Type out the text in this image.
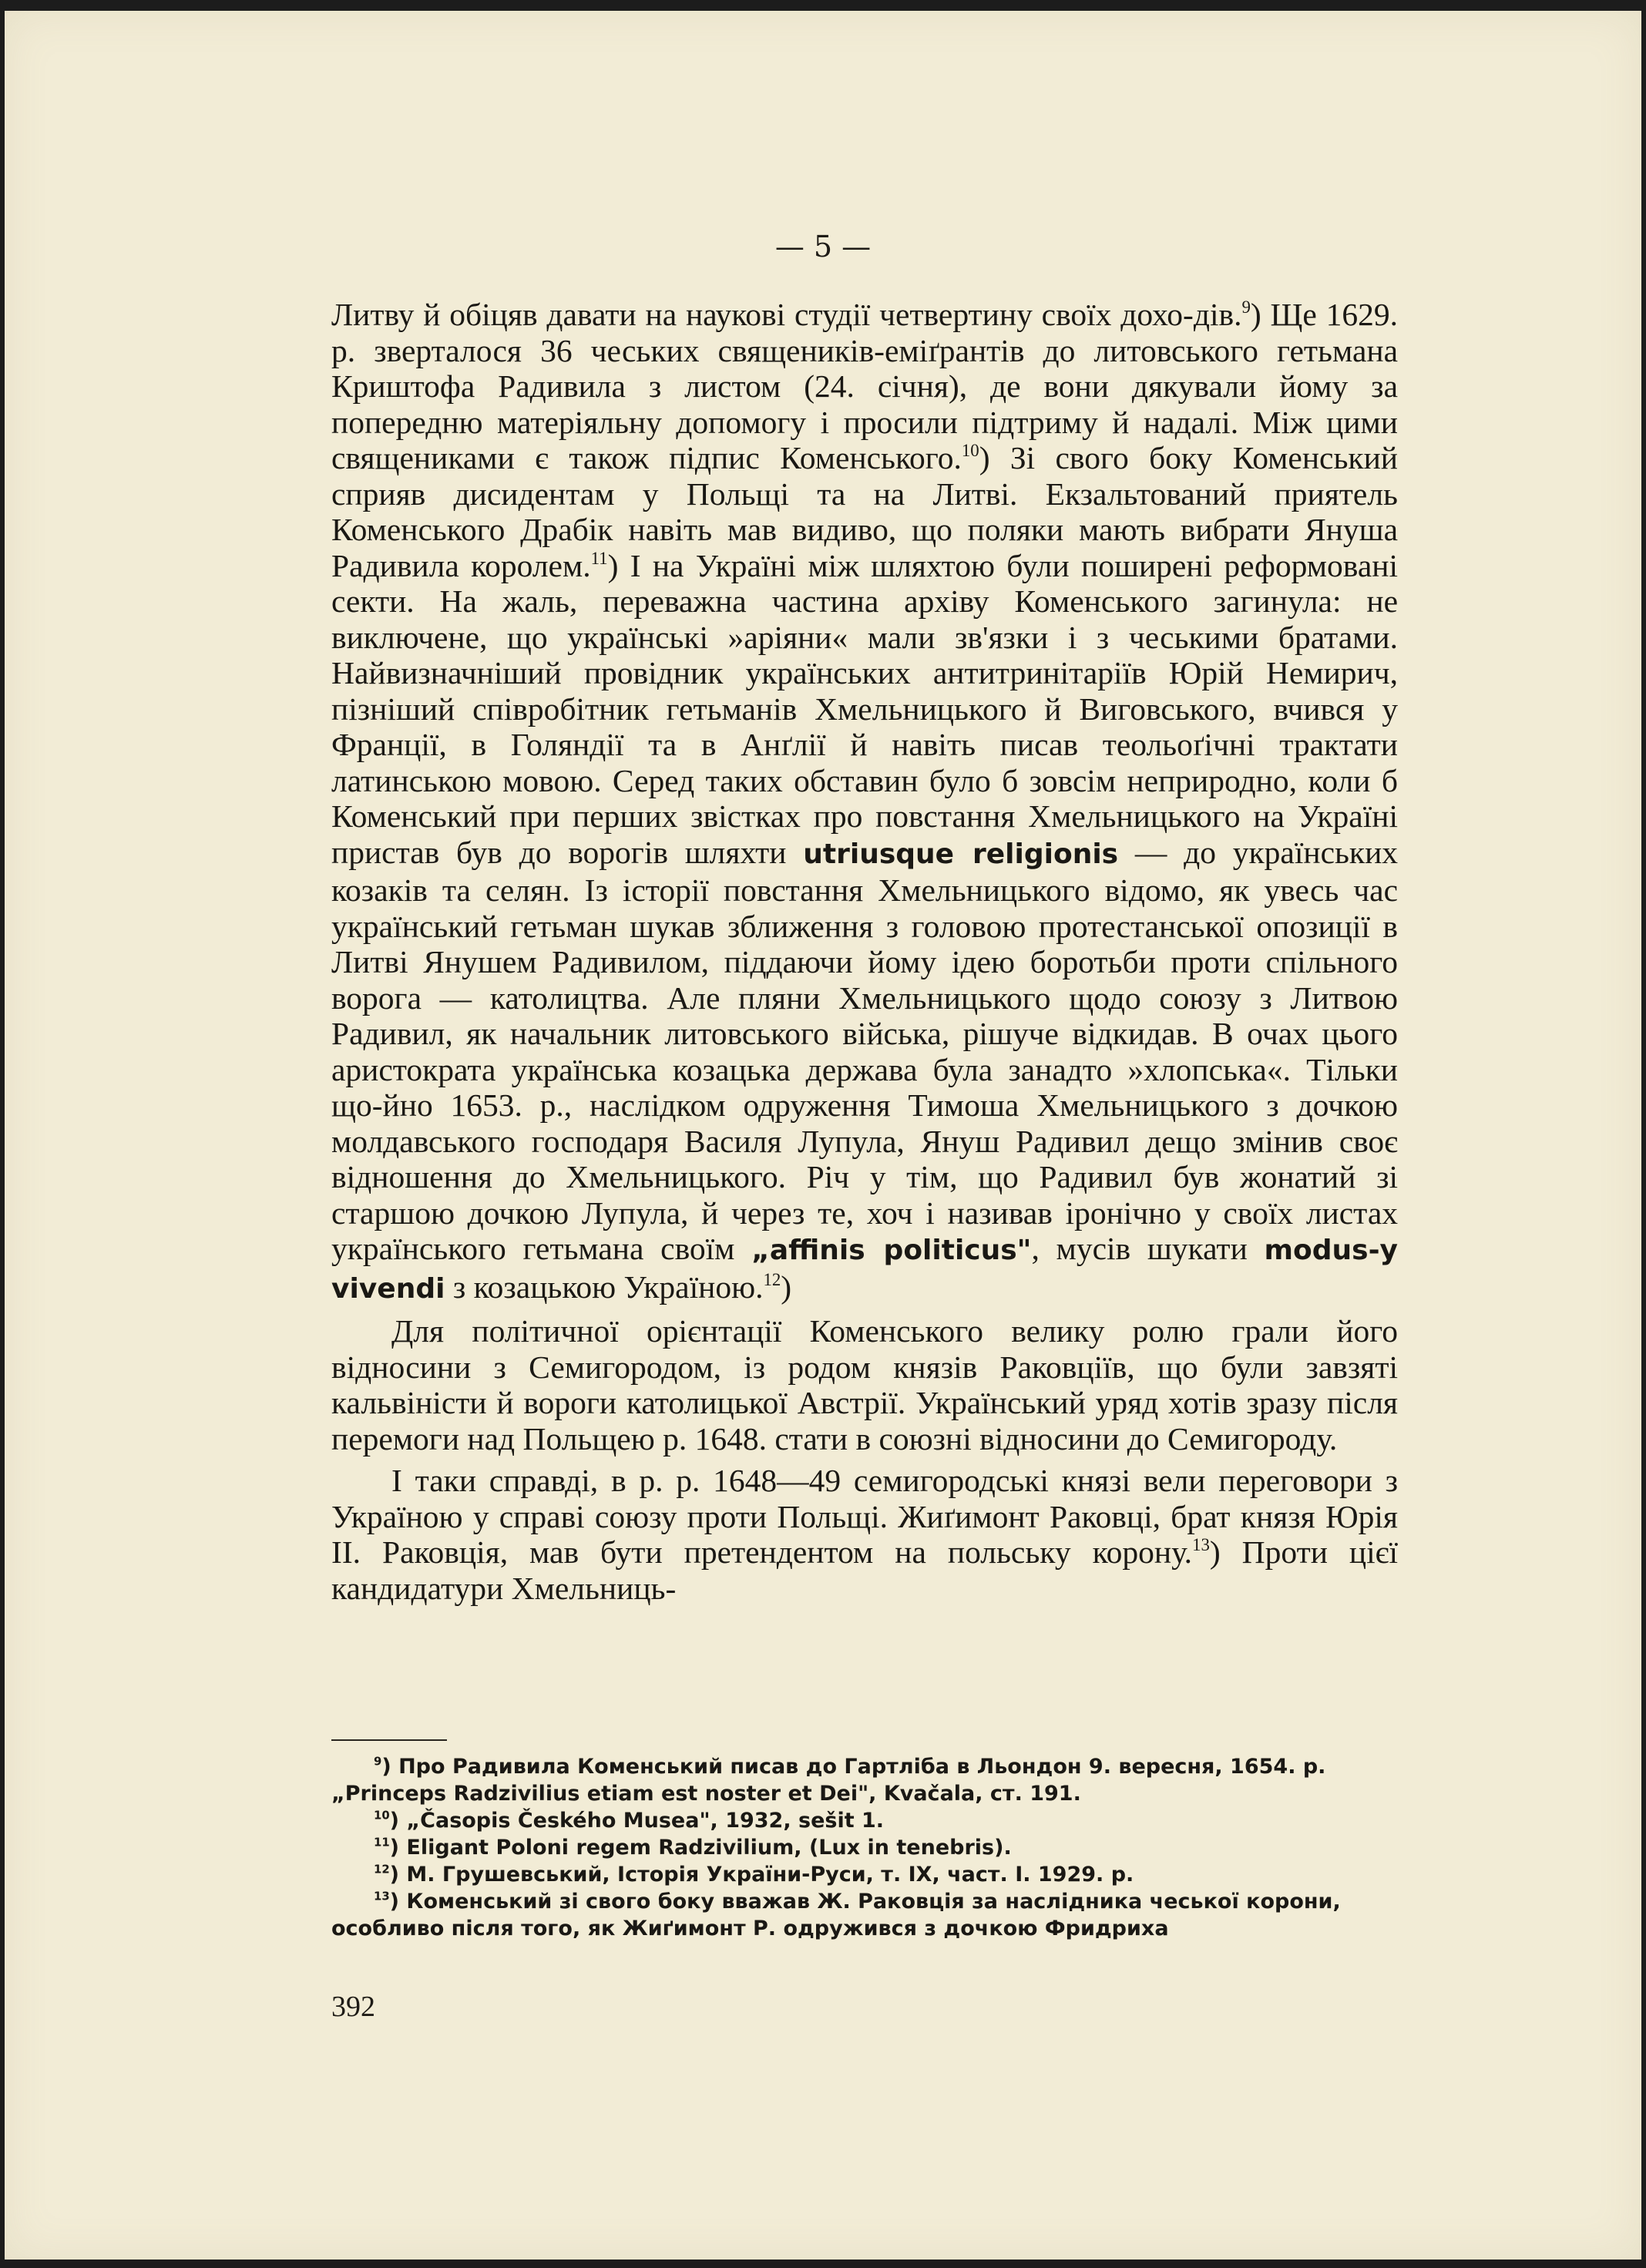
— 5 —

Литву й обіцяв давати на наукові студії четвертину своїх дохо-дів.$^9$) Ще 1629. р. зверталося 36 чеських священиків-еміґрантів до литовського гетьмана Криштофа Радивила з листом (24. січня), де вони дякували йому за попередню матеріяльну допомогу і просили підтриму й надалі. Між цими священиками є також підпис Коменського.$^{10}$) Зі свого боку Коменський сприяв дисидентам у Польщі та на Литві. Екзальтований приятель Коменського Драбік навіть мав видиво, що поляки мають вибрати Януша Радивила королем.$^{11}$) І на Україні між шляхтою були поширені реформовані секти. На жаль, переважна частина архіву Коменського загинула: не виключене, що українські »аріяни« мали зв'язки і з чеськими братами. Найвизначніший провідник українських антитринітаріїв Юрій Немирич, пізніший співробітник гетьманів Хмельницького й Виговського, вчився у Франції, в Голяндії та в Анґлії й навіть писав теольоґічні трактати латинською мовою. Серед таких обставин було б зовсім неприродно, коли б Коменський при перших звістках про повстання Хмельницького на Україні пристав був до ворогів шляхти utriusque religionis — до українських козаків та селян. Із історії повстання Хмельницького відомо, як увесь час український гетьман шукав зближення з головою протестанської опозиції в Литві Янушем Радивилом, піддаючи йому ідею боротьби проти спільного ворога — католицтва. Але пляни Хмельницького щодо союзу з Литвою Радивил, як начальник литовського війська, рішуче відкидав. В очах цього аристократа українська козацька держава була занадто »хлопська«. Тільки що-йно 1653. р., наслідком одруження Тимоша Хмельницького з дочкою молдавського господаря Василя Лупула, Януш Радивил дещо змінив своє відношення до Хмельницького. Річ у тім, що Радивил був жонатий зі старшою дочкою Лупула, й через те, хоч і називав іронічно у своїх листах українського гетьмана своїм „affinis politicus", мусів шукати modus-у vivendi з козацькою Україною.$^{12}$)

Для політичної орієнтації Коменського велику ролю грали його відносини з Семигородом, із родом князів Раковціїв, що були завзяті кальвіністи й вороги католицької Австрії. Український уряд хотів зразу після перемоги над Польщею р. 1648. стати в союзні відносини до Семигороду.

І таки справді, в р. р. 1648—49 семигородські князі вели переговори з Україною у справі союзу проти Польщі. Жиґимонт Раковці, брат князя Юрія II. Раковція, мав бути претендентом на польську корону.$^{13}$) Проти цієї кандидатури Хмельниць-

$^9$) Про Радивила Коменський писав до Гартліба в Льондон 9. вересня, 1654. р.

„Princeps Radzivilius etiam est noster et Dei", Kvačala, ст. 191.

$^{10}$) „Časopis Českého Musea", 1932, sešit 1.

$^{11}$) Eligant Poloni regem Radzivilium, (Lux in tenebris).

$^{12}$) М. Грушевський, Історія України-Руси, т. IX, част. I. 1929. р.

$^{13}$) Коменський зі свого боку вважав Ж. Раковція за наслідника чеської корони, особливо після того, як Жиґимонт Р. одружився з дочкою Фридриха

392
